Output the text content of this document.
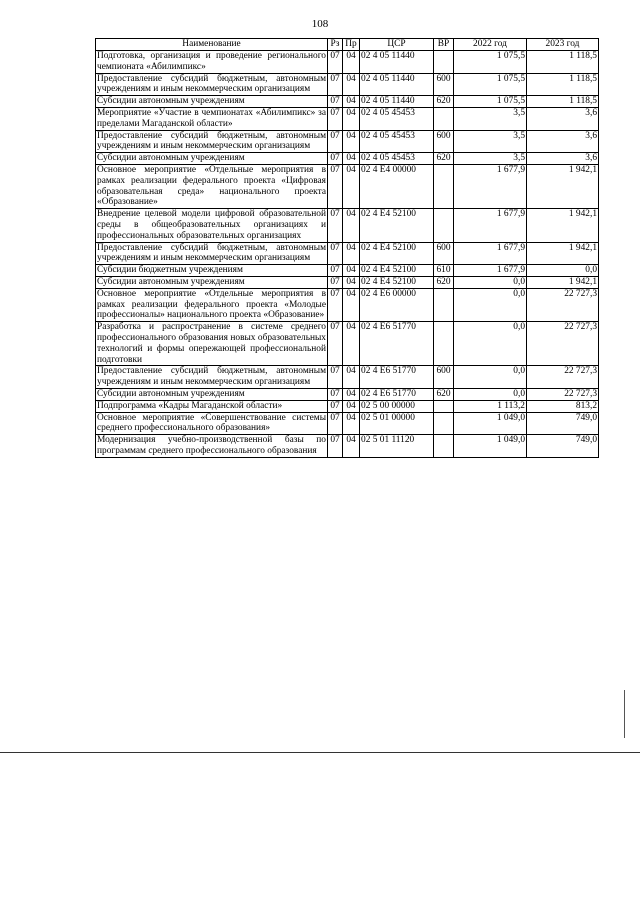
108
Наименование	Рз	Пр	ЦСР	ВР	2022 год	2023 год
Подготовка, организация и проведение регионального чемпионата «Абилимпикс»	07	04	02 4 05 11440		1 075,5	1 118,5
Предоставление субсидий бюджетным, автономным учреждениям и иным некоммерческим организациям	07	04	02 4 05 11440	600	1 075,5	1 118,5
Субсидии автономным учреждениям	07	04	02 4 05 11440	620	1 075,5	1 118,5
Мероприятие «Участие в чемпионатах «Абилимпикс» за пределами Магаданской области»	07	04	02 4 05 45453		3,5	3,6
Предоставление субсидий бюджетным, автономным учреждениям и иным некоммерческим организациям	07	04	02 4 05 45453	600	3,5	3,6
Субсидии автономным учреждениям	07	04	02 4 05 45453	620	3,5	3,6
Основное мероприятие «Отдельные мероприятия в рамках реализации федерального проекта «Цифровая образовательная среда» национального проекта «Образование»	07	04	02 4 E4 00000		1 677,9	1 942,1
Внедрение целевой модели цифровой образовательной среды в общеобразовательных организациях и профессиональных образовательных организациях	07	04	02 4 E4 52100		1 677,9	1 942,1
Предоставление субсидий бюджетным, автономным учреждениям и иным некоммерческим организациям	07	04	02 4 E4 52100	600	1 677,9	1 942,1
Субсидии бюджетным учреждениям	07	04	02 4 E4 52100	610	1 677,9	0,0
Субсидии автономным учреждениям	07	04	02 4 E4 52100	620	0,0	1 942,1
Основное мероприятие «Отдельные мероприятия в рамках реализации федерального проекта «Молодые профессионалы» национального проекта «Образование»	07	04	02 4 E6 00000		0,0	22 727,3
Разработка и распространение в системе среднего профессионального образования новых образовательных технологий и формы опережающей профессиональной подготовки	07	04	02 4 E6 51770		0,0	22 727,3
Предоставление субсидий бюджетным, автономным учреждениям и иным некоммерческим организациям	07	04	02 4 E6 51770	600	0,0	22 727,3
Субсидии автономным учреждениям	07	04	02 4 E6 51770	620	0,0	22 727,3
Подпрограмма «Кадры Магаданской области»	07	04	02 5 00 00000		1 113,2	813,2
Основное мероприятие «Совершенствование системы среднего профессионального образования»	07	04	02 5 01 00000		1 049,0	749,0
Модернизация учебно-производственной базы по программам среднего профессионального образования	07	04	02 5 01 11120		1 049,0	749,0
